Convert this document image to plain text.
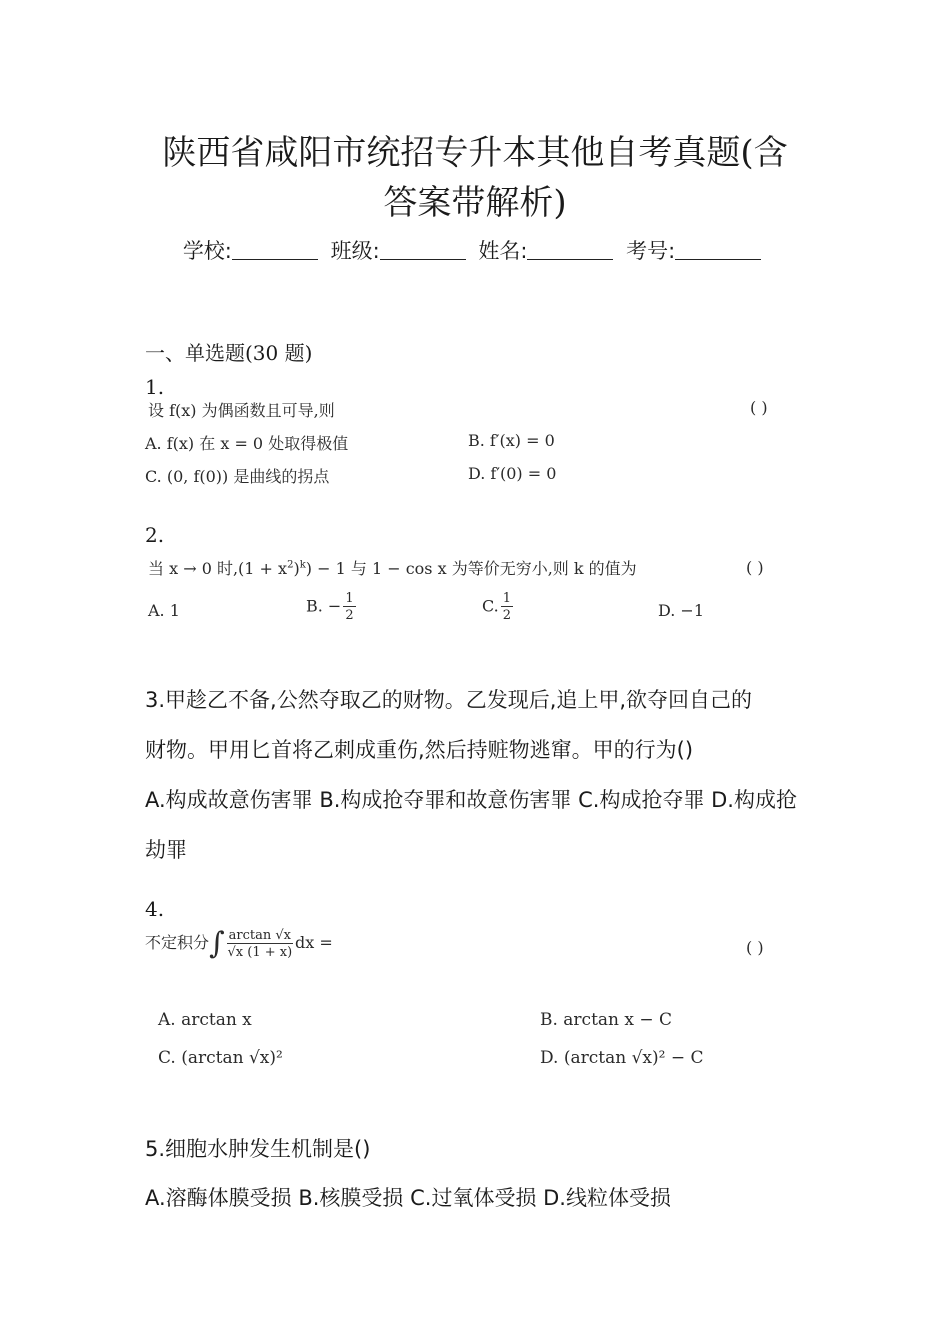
陕西省咸阳市统招专升本其他自考真题(含
答案带解析)
学校:	班级:	姓名:	考号:
一、单选题(30 题)
1.
设 f(x) 为偶函数且可导,则	( )
A. f(x) 在 x = 0 处取得极值	B. f′(x) = 0
C. (0, f(0)) 是曲线的拐点	D. f′(0) = 0
2.
当 x → 0 时$,(1 + x^2)^k) - 1$ 与 1 − cos x 为等价无穷小,则 k 的值为	( )
A. 1	B. − $\frac{1}{2}$	C. $\frac{1}{2}$	D. −1
3.甲趁乙不备,公然夺取乙的财物。乙发现后,追上甲,欲夺回自己的
财物。甲用匕首将乙刺成重伤,然后持赃物逃窜。甲的行为()
A.构成故意伤害罪 B.构成抢夺罪和故意伤害罪 C.构成抢夺罪 D.构成抢
劫罪
4.
不定积分∫ $\frac{\arctan √x}{√x (1 + x)}$ dx =	( )
A. arctan x	B. arctan x − C
C. (arctan √x)²	D. (arctan √x)² − C
5.细胞水肿发生机制是()
A.溶酶体膜受损 B.核膜受损 C.过氧体受损 D.线粒体受损
